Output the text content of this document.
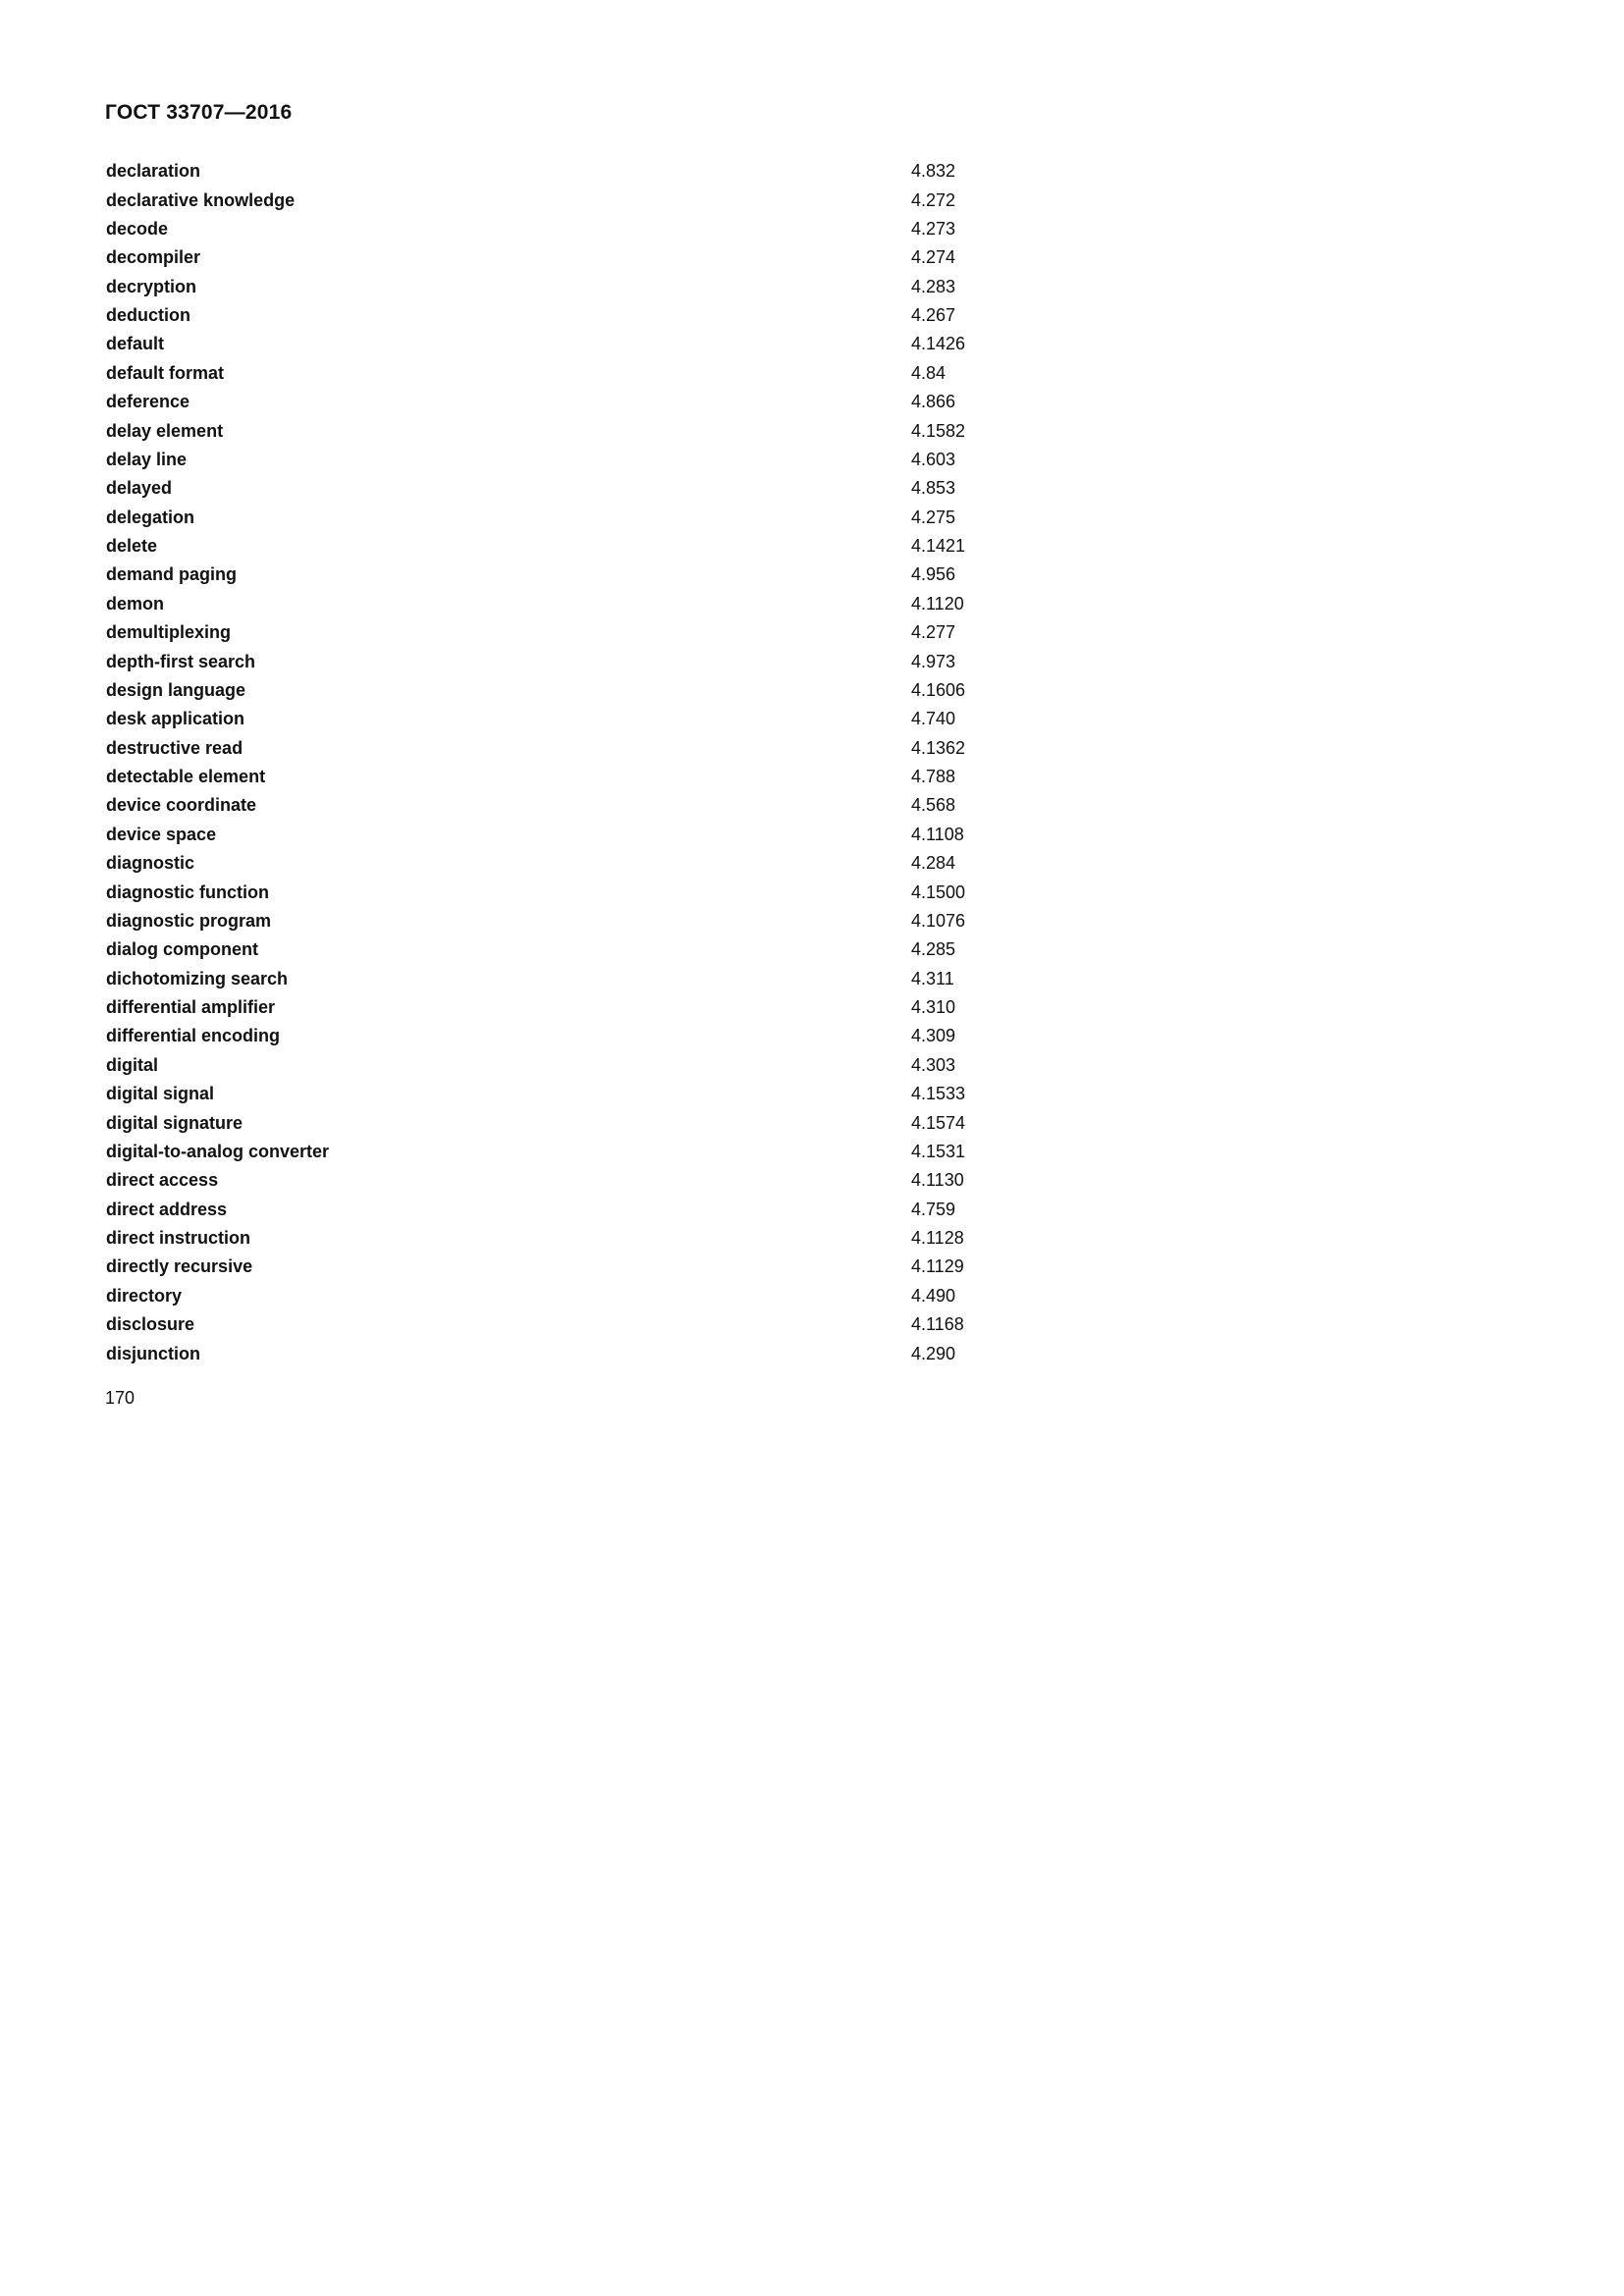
ГОСТ 33707—2016
declaration	4.832
declarative knowledge	4.272
decode	4.273
decompiler	4.274
decryption	4.283
deduction	4.267
default	4.1426
default format	4.84
deference	4.866
delay element	4.1582
delay line	4.603
delayed	4.853
delegation	4.275
delete	4.1421
demand paging	4.956
demon	4.1120
demultiplexing	4.277
depth-first search	4.973
design language	4.1606
desk application	4.740
destructive read	4.1362
detectable element	4.788
device coordinate	4.568
device space	4.1108
diagnostic	4.284
diagnostic function	4.1500
diagnostic program	4.1076
dialog component	4.285
dichotomizing search	4.311
differential amplifier	4.310
differential encoding	4.309
digital	4.303
digital signal	4.1533
digital signature	4.1574
digital-to-analog converter	4.1531
direct access	4.1130
direct address	4.759
direct instruction	4.1128
directly recursive	4.1129
directory	4.490
disclosure	4.1168
disjunction	4.290
170
